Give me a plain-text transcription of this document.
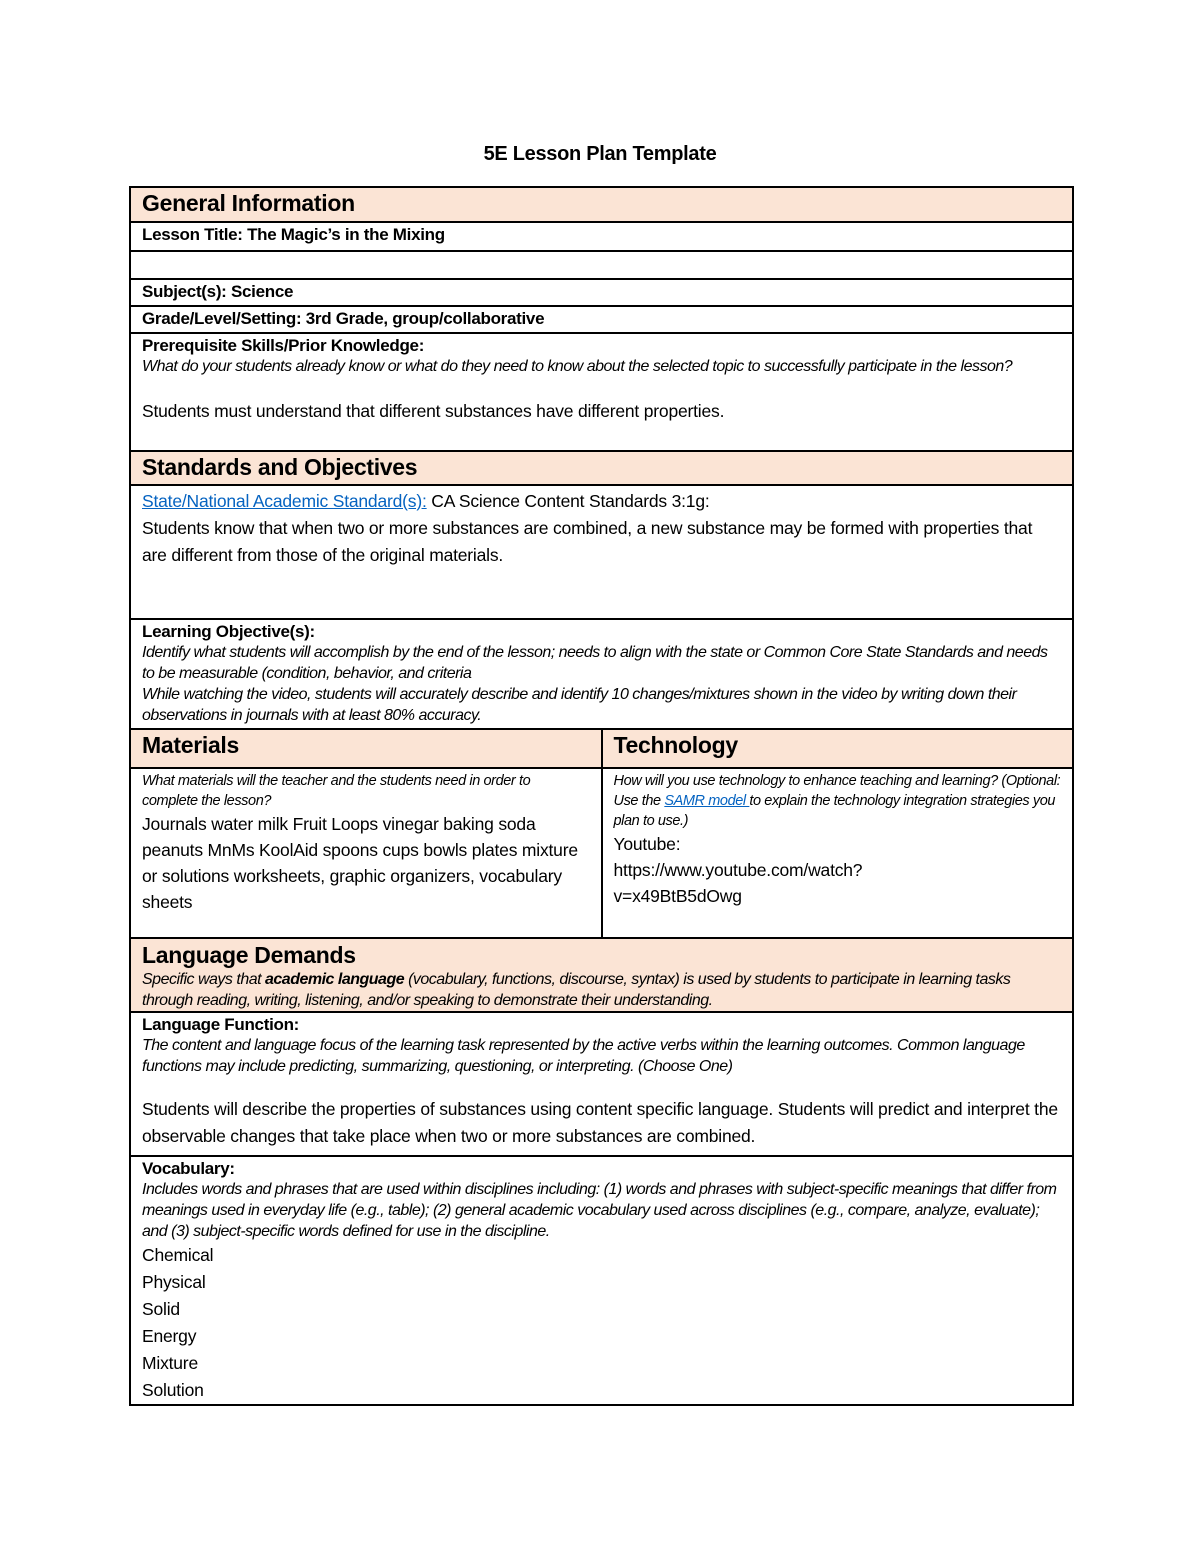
5E Lesson Plan Template
General Information
Lesson Title: The Magic’s in the Mixing
Subject(s): Science
Grade/Level/Setting: 3rd Grade, group/collaborative
Prerequisite Skills/Prior Knowledge:
What do your students already know or what do they need to know about the selected topic to successfully participate in the lesson?
Students must understand that different substances have different properties.
Standards and Objectives
State/National Academic Standard(s): CA Science Content Standards 3:1g:
Students know that when two or more substances are combined, a new substance may be formed with properties that are different from those of the original materials.
Learning Objective(s):
Identify what students will accomplish by the end of the lesson; needs to align with the state or Common Core State Standards and needs to be measurable (condition, behavior, and criteria
While watching the video, students will accurately describe and identify 10 changes/mixtures shown in the video by writing down their observations in journals with at least 80% accuracy.
Materials	Technology
What materials will the teacher and the students need in order to complete the lesson?
Journals water milk Fruit Loops vinegar baking soda peanuts MnMs KoolAid spoons cups bowls plates mixture or solutions worksheets, graphic organizers, vocabulary sheets
How will you use technology to enhance teaching and learning? (Optional: Use the SAMR model to explain the technology integration strategies you plan to use.)
Youtube:
https://www.youtube.com/watch?
v=x49BtB5dOwg
Language Demands
Specific ways that academic language (vocabulary, functions, discourse, syntax) is used by students to participate in learning tasks through reading, writing, listening, and/or speaking to demonstrate their understanding.
Language Function:
The content and language focus of the learning task represented by the active verbs within the learning outcomes. Common language functions may include predicting, summarizing, questioning, or interpreting. (Choose One)
Students will describe the properties of substances using content specific language. Students will predict and interpret the observable changes that take place when two or more substances are combined.
Vocabulary:
Includes words and phrases that are used within disciplines including: (1) words and phrases with subject-specific meanings that differ from meanings used in everyday life (e.g., table); (2) general academic vocabulary used across disciplines (e.g., compare, analyze, evaluate); and (3) subject-specific words defined for use in the discipline.
Chemical
Physical
Solid
Energy
Mixture
Solution
